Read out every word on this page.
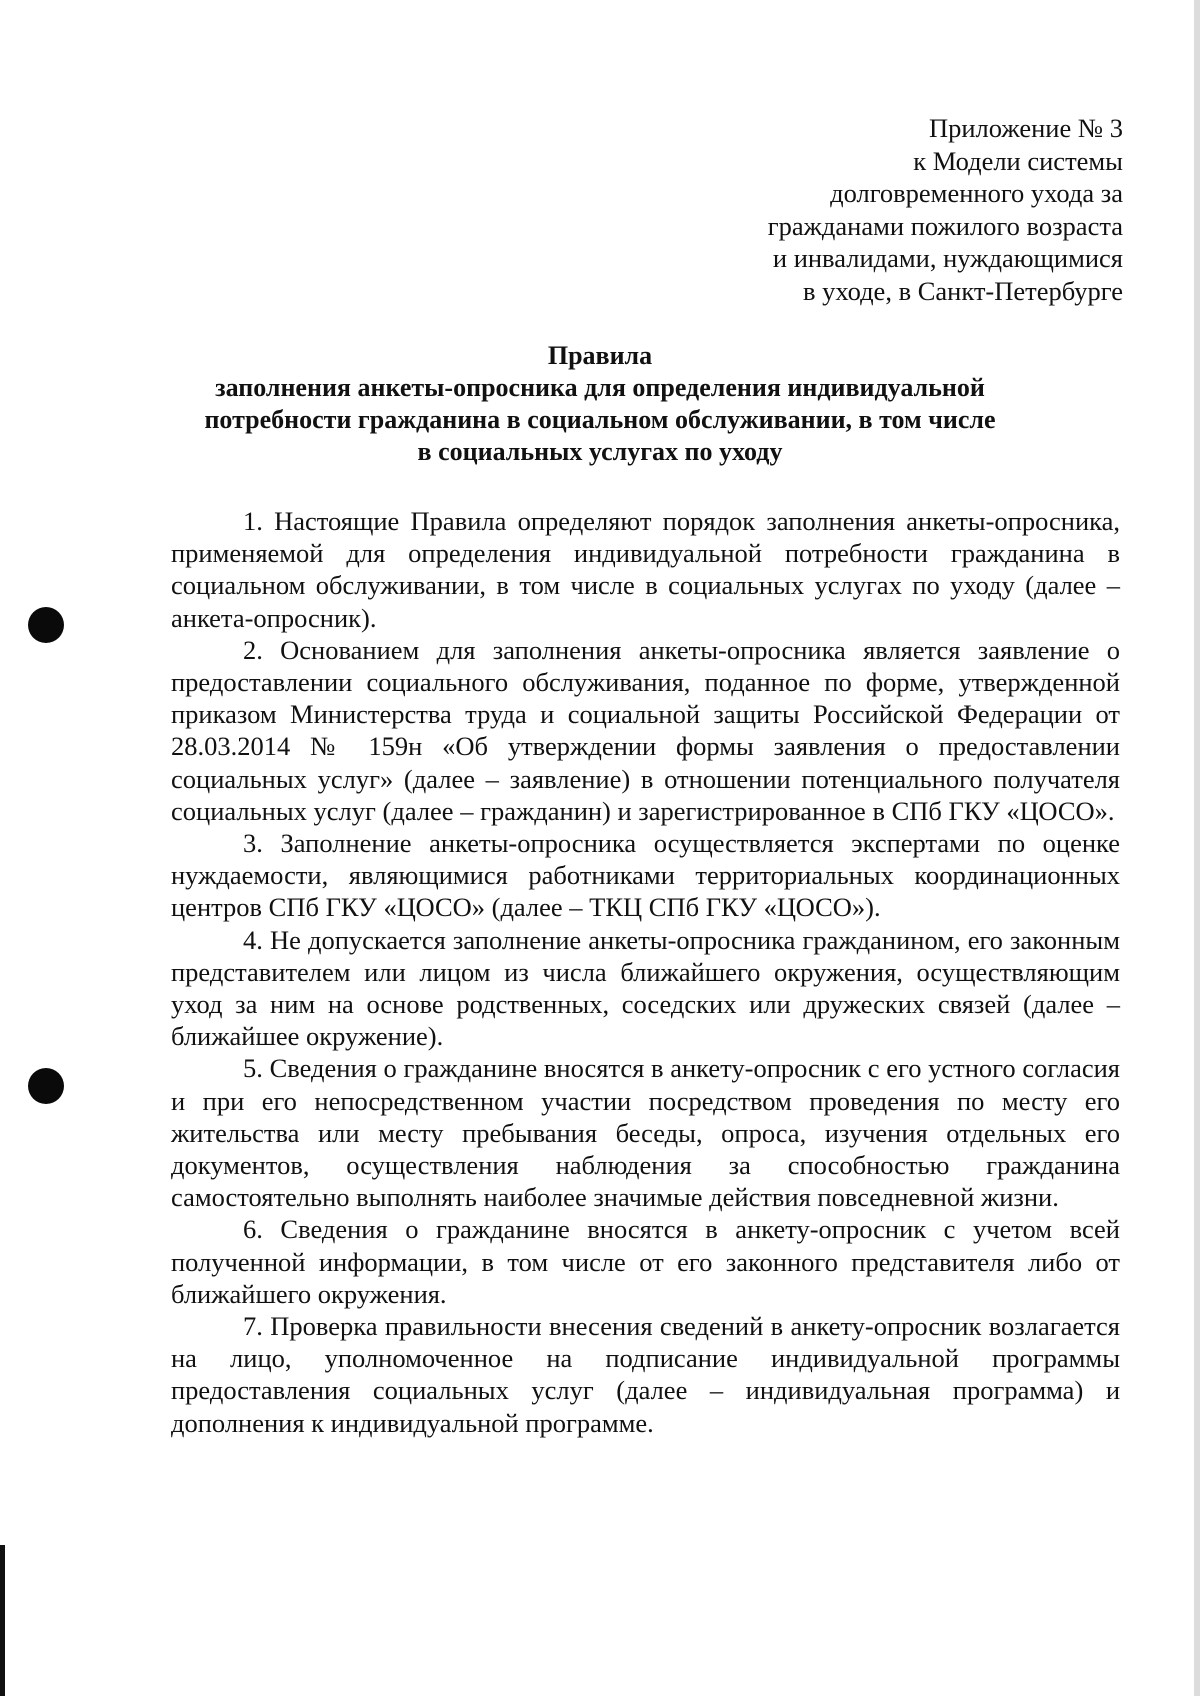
Приложение № 3
к Модели системы
долговременного ухода за
гражданами пожилого возраста
и инвалидами, нуждающимися
в уходе, в Санкт-Петербурге
Правила
заполнения анкеты-опросника для определения индивидуальной
потребности гражданина в социальном обслуживании, в том числе
в социальных услугах по уходу

1. Настоящие Правила определяют порядок заполнения анкеты-опросника, применяемой для определения индивидуальной потребности гражданина в социальном обслуживании, в том числе в социальных услугах по уходу (далее – анкета-опросник).

2. Основанием для заполнения анкеты-опросника является заявление о предоставлении социального обслуживания, поданное по форме, утвержденной приказом Министерства труда и социальной защиты Российской Федерации от 28.03.2014 № 159н «Об утверждении формы заявления о предоставлении социальных услуг» (далее – заявление) в отношении потенциального получателя социальных услуг (далее – гражданин) и зарегистрированное в СПб ГКУ «ЦОСО».

3. Заполнение анкеты-опросника осуществляется экспертами по оценке нуждаемости, являющимися работниками территориальных координационных центров СПб ГКУ «ЦОСО» (далее – ТКЦ СПб ГКУ «ЦОСО»).

4. Не допускается заполнение анкеты-опросника гражданином, его законным представителем или лицом из числа ближайшего окружения, осуществляющим уход за ним на основе родственных, соседских или дружеских связей (далее – ближайшее окружение).

5. Сведения о гражданине вносятся в анкету-опросник с его устного согласия и при его непосредственном участии посредством проведения по месту его жительства или месту пребывания беседы, опроса, изучения отдельных его документов, осуществления наблюдения за способностью гражданина самостоятельно выполнять наиболее значимые действия повседневной жизни.

6. Сведения о гражданине вносятся в анкету-опросник с учетом всей полученной информации, в том числе от его законного представителя либо от ближайшего окружения.

7. Проверка правильности внесения сведений в анкету-опросник возлагается на лицо, уполномоченное на подписание индивидуальной программы предоставления социальных услуг (далее – индивидуальная программа) и дополнения к индивидуальной программе.
